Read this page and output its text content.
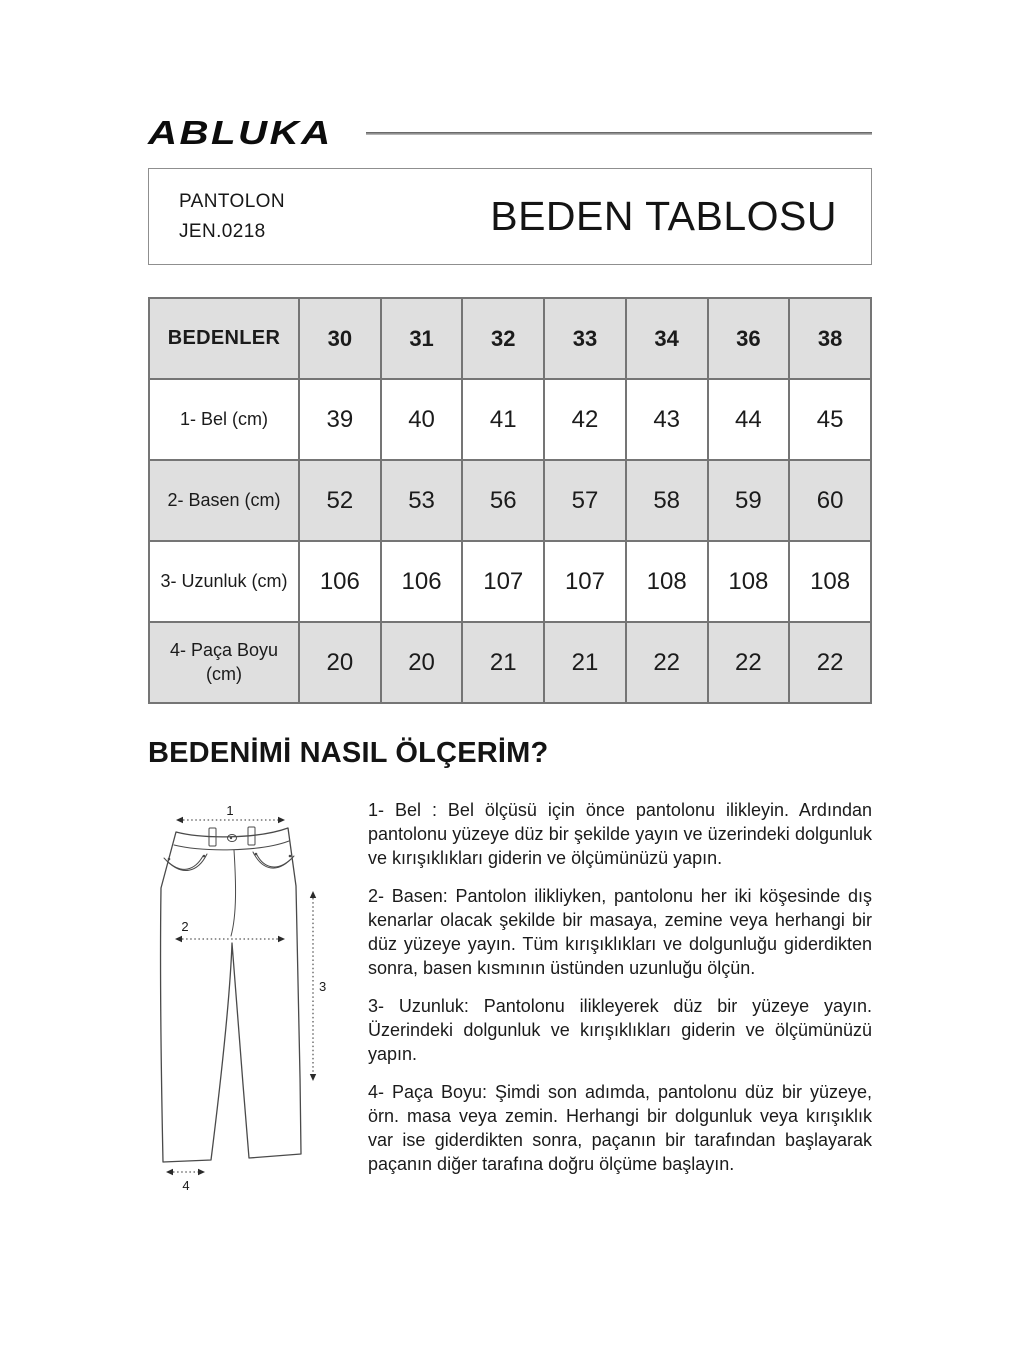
ABLUKA
PANTOLON
JEN.0218	BEDEN TABLOSU
BEDENLER	30	31	32	33	34	36	38
1- Bel (cm)	39	40	41	42	43	44	45
2- Basen (cm)	52	53	56	57	58	59	60
3- Uzunluk (cm)	106	106	107	107	108	108	108
4- Paça Boyu (cm)	20	20	21	21	22	22	22
BEDENİMİ NASIL ÖLÇERİM?
1
2
3
4

1- Bel : Bel ölçüsü için önce pantolonu ilikleyin. Ardından pantolonu yüzeye düz bir şekilde yayın ve üzerindeki dolgunluk ve kırışıklıkları giderin ve ölçümünüzü yapın.

2- Basen: Pantolon ilikliyken, pantolonu her iki köşesinde dış kenarlar olacak şekilde bir masaya, zemine veya herhangi bir düz yüzeye yayın. Tüm kırışıklıkları ve dolgunluğu giderdikten sonra, basen kısmının üstünden uzunluğu ölçün.

3- Uzunluk: Pantolonu ilikleyerek düz bir yüzeye yayın. Üzerindeki dolgunluk ve kırışıklıkları giderin ve ölçümünüzü yapın.

4- Paça Boyu: Şimdi son adımda, pantolonu düz bir yüzeye, örn. masa veya zemin. Herhangi bir dolgunluk veya kırışıklık var ise giderdikten sonra, paçanın bir tarafından başlayarak paçanın diğer tarafına doğru ölçüme başlayın.
